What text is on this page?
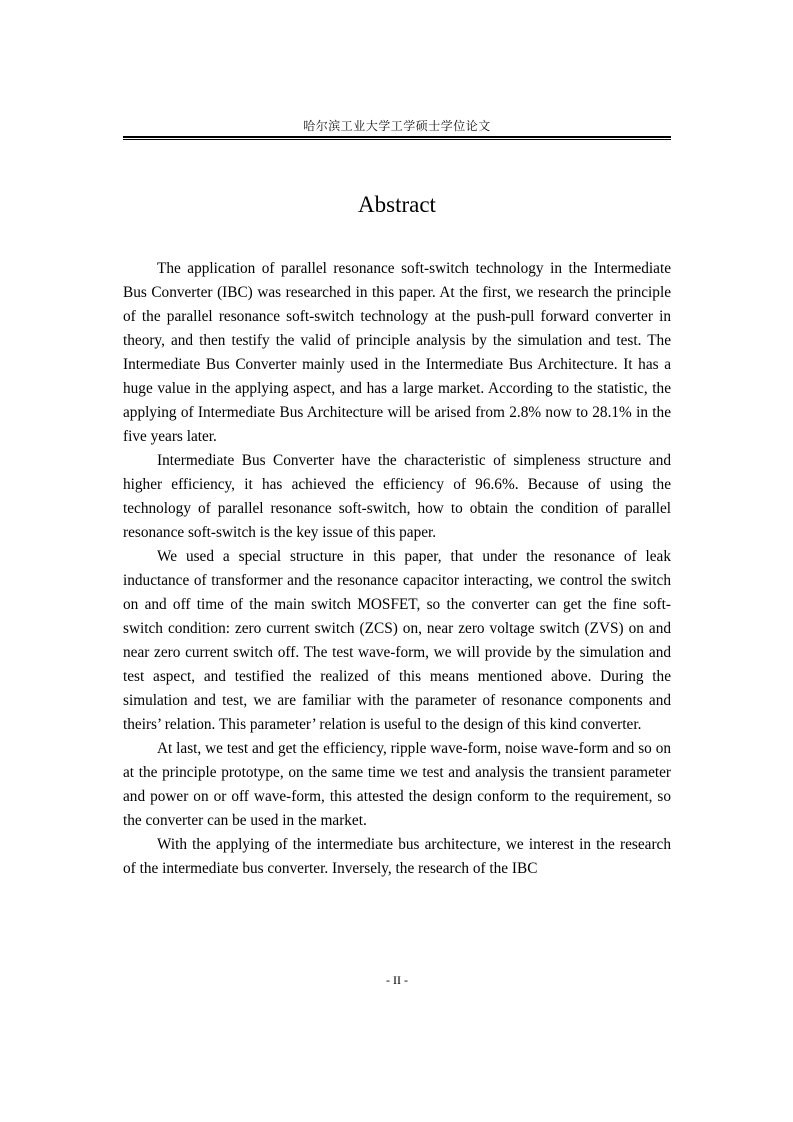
哈尔滨工业大学工学硕士学位论文
Abstract

The application of parallel resonance soft-switch technology in the Intermediate Bus Converter (IBC) was researched in this paper. At the first, we research the principle of the parallel resonance soft-switch technology at the push-pull forward converter in theory, and then testify the valid of principle analysis by the simulation and test. The Intermediate Bus Converter mainly used in the Intermediate Bus Architecture. It has a huge value in the applying aspect, and has a large market. According to the statistic, the applying of Intermediate Bus Architecture will be arised from 2.8% now to 28.1% in the five years later.

Intermediate Bus Converter have the characteristic of simpleness structure and higher efficiency, it has achieved the efficiency of 96.6%. Because of using the technology of parallel resonance soft-switch, how to obtain the condition of parallel resonance soft-switch is the key issue of this paper.

We used a special structure in this paper, that under the resonance of leak inductance of transformer and the resonance capacitor interacting, we control the switch on and off time of the main switch MOSFET, so the converter can get the fine soft-switch condition: zero current switch (ZCS) on, near zero voltage switch (ZVS) on and near zero current switch off. The test wave-form, we will provide by the simulation and test aspect, and testified the realized of this means mentioned above. During the simulation and test, we are familiar with the parameter of resonance components and theirs’ relation. This parameter’ relation is useful to the design of this kind converter.

At last, we test and get the efficiency, ripple wave-form, noise wave-form and so on at the principle prototype, on the same time we test and analysis the transient parameter and power on or off wave-form, this attested the design conform to the requirement, so the converter can be used in the market.

With the applying of the intermediate bus architecture, we interest in the research of the intermediate bus converter. Inversely, the research of the IBC

- II -
